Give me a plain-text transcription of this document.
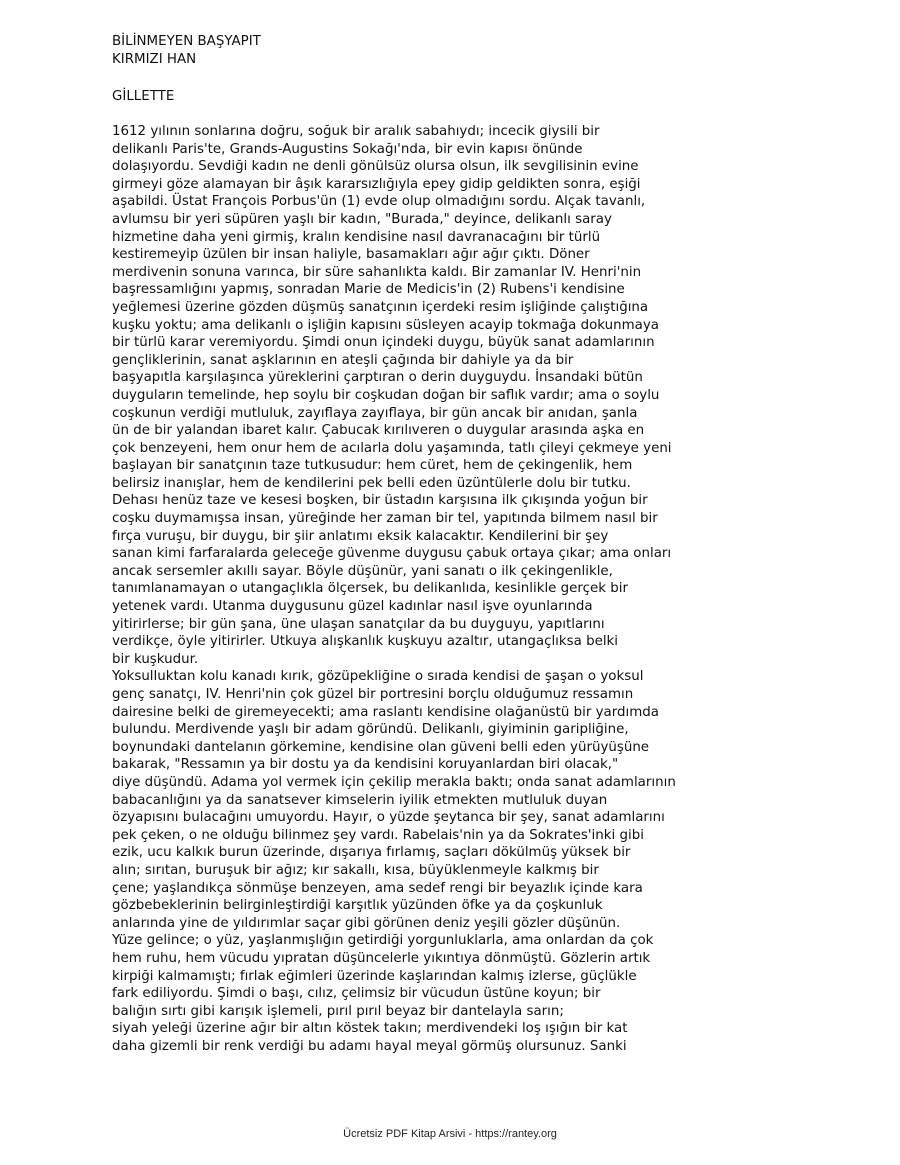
BİLİNMEYEN BAŞYAPIT
KIRMIZI HAN
GİLLETTE
1612 yılının sonlarına doğru, soğuk bir aralık sabahıydı; incecik giysili bir
delikanlı Paris'te, Grands-Augustins Sokağı'nda, bir evin kapısı önünde
dolaşıyordu. Sevdiği kadın ne denli gönülsüz olursa olsun, ilk sevgilisinin evine
girmeyi göze alamayan bir âşık kararsızlığıyla epey gidip geldikten sonra, eşiği
aşabildi. Üstat François Porbus'ün (1) evde olup olmadığını sordu. Alçak tavanlı,
avlumsu bir yeri süpüren yaşlı bir kadın, "Burada," deyince, delikanlı saray
hizmetine daha yeni girmiş, kralın kendisine nasıl davranacağını bir türlü
kestiremeyip üzülen bir insan haliyle, basamakları ağır ağır çıktı. Döner
merdivenin sonuna varınca, bir süre sahanlıkta kaldı. Bir zamanlar IV. Henri'nin
başressamlığını yapmış, sonradan Marie de Medicis'in (2) Rubens'i kendisine
yeğlemesi üzerine gözden düşmüş sanatçının içerdeki resim işliğinde çalıştığına
kuşku yoktu; ama delikanlı o işliğin kapısını süsleyen acayip tokmağa dokunmaya
bir türlü karar veremiyordu. Şimdi onun içindeki duygu, büyük sanat adamlarının
gençliklerinin, sanat aşklarının en ateşli çağında bir dahiyle ya da bir
başyapıtla karşılaşınca yüreklerini çarptıran o derin duyguydu. İnsandaki bütün
duyguların temelinde, hep soylu bir coşkudan doğan bir saflık vardır; ama o soylu
coşkunun verdiği mutluluk, zayıflaya zayıflaya, bir gün ancak bir anıdan, şanla
ün de bir yalandan ibaret kalır. Çabucak kırılıveren o duygular arasında aşka en
çok benzeyeni, hem onur hem de acılarla dolu yaşamında, tatlı çileyi çekmeye yeni
başlayan bir sanatçının taze tutkusudur: hem cüret, hem de çekingenlik, hem
belirsiz inanışlar, hem de kendilerini pek belli eden üzüntülerle dolu bir tutku.
Dehası henüz taze ve kesesi boşken, bir üstadın karşısına ilk çıkışında yoğun bir
coşku duymamışsa insan, yüreğinde her zaman bir tel, yapıtında bilmem nasıl bir
fırça vuruşu, bir duygu, bir şiir anlatımı eksik kalacaktır. Kendilerini bir şey
sanan kimi farfaralarda geleceğe güvenme duygusu çabuk ortaya çıkar; ama onları
ancak sersemler akıllı sayar. Böyle düşünür, yani sanatı o ilk çekingenlikle,
tanımlanamayan o utangaçlıkla ölçersek, bu delikanlıda, kesinlikle gerçek bir
yetenek vardı. Utanma duygusunu güzel kadınlar nasıl işve oyunlarında
yitirirlerse; bir gün şana, üne ulaşan sanatçılar da bu duyguyu, yapıtlarını
verdikçe, öyle yitirirler. Utkuya alışkanlık kuşkuyu azaltır, utangaçlıksa belki
bir kuşkudur.
Yoksulluktan kolu kanadı kırık, gözüpekliğine o sırada kendisi de şaşan o yoksul
genç sanatçı, IV. Henri'nin çok güzel bir portresini borçlu olduğumuz ressamın
dairesine belki de giremeyecekti; ama raslantı kendisine olağanüstü bir yardımda
bulundu. Merdivende yaşlı bir adam göründü. Delikanlı, giyiminin garipliğine,
boynundaki dantelanın görkemine, kendisine olan güveni belli eden yürüyüşüne
bakarak, "Ressamın ya bir dostu ya da kendisini koruyanlardan biri olacak,"
diye düşündü. Adama yol vermek için çekilip merakla baktı; onda sanat adamlarının
babacanlığını ya da sanatsever kimselerin iyilik etmekten mutluluk duyan
özyapısını bulacağını umuyordu. Hayır, o yüzde şeytanca bir şey, sanat adamlarını
pek çeken, o ne olduğu bilinmez şey vardı. Rabelais'nin ya da Sokrates'inki gibi
ezik, ucu kalkık burun üzerinde, dışarıya fırlamış, saçları dökülmüş yüksek bir
alın; sırıtan, buruşuk bir ağız; kır sakallı, kısa, büyüklenmeyle kalkmış bir
çene; yaşlandıkça sönmüşe benzeyen, ama sedef rengi bir beyazlık içinde kara
gözbebeklerinin belirginleştirdiği karşıtlık yüzünden öfke ya da çoşkunluk
anlarında yine de yıldırımlar saçar gibi görünen deniz yeşili gözler düşünün.
Yüze gelince; o yüz, yaşlanmışlığın getirdiği yorgunluklarla, ama onlardan da çok
hem ruhu, hem vücudu yıpratan düşüncelerle yıkıntıya dönmüştü. Gözlerin artık
kirpiği kalmamıştı; fırlak eğimleri üzerinde kaşlarından kalmış izlerse, güçlükle
fark ediliyordu. Şimdi o başı, cılız, çelimsiz bir vücudun üstüne koyun; bir
balığın sırtı gibi karışık işlemeli, pırıl pırıl beyaz bir dantelayla sarın;
siyah yeleği üzerine ağır bir altın köstek takın; merdivendeki loş ışığın bir kat
daha gizemli bir renk verdiği bu adamı hayal meyal görmüş olursunuz. Sanki
Ücretsiz PDF Kitap Arsivi - https://rantey.org
